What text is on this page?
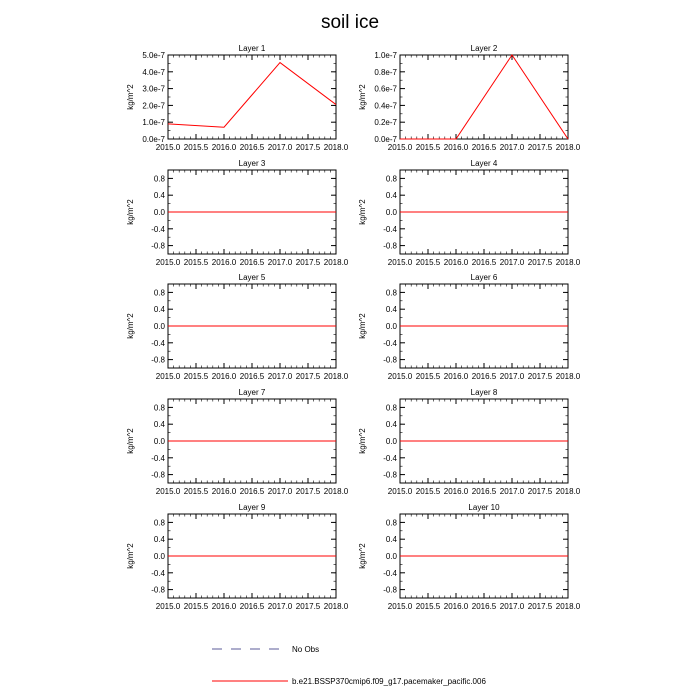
soil ice
Layer 1
kg/m^2
2015.0 2015.5 2016.0 2016.5 2017.0 2017.5 2018.0
0.0e-7
1.0e-7
2.0e-7
3.0e-7
4.0e-7
5.0e-7
Layer 2
kg/m^2
2015.0 2015.5 2016.0 2016.5 2017.0 2017.5 2018.0
0.0e-7
0.2e-7
0.4e-7
0.6e-7
0.8e-7
1.0e-7
Layer 3
kg/m^2
2015.0 2015.5 2016.0 2016.5 2017.0 2017.5 2018.0
-0.8
-0.4
0.0
0.4
0.8
Layer 4
kg/m^2
2015.0 2015.5 2016.0 2016.5 2017.0 2017.5 2018.0
-0.8
-0.4
0.0
0.4
0.8
Layer 5
kg/m^2
2015.0 2015.5 2016.0 2016.5 2017.0 2017.5 2018.0
-0.8
-0.4
0.0
0.4
0.8
Layer 6
kg/m^2
2015.0 2015.5 2016.0 2016.5 2017.0 2017.5 2018.0
-0.8
-0.4
0.0
0.4
0.8
Layer 7
kg/m^2
2015.0 2015.5 2016.0 2016.5 2017.0 2017.5 2018.0
-0.8
-0.4
0.0
0.4
0.8
Layer 8
kg/m^2
2015.0 2015.5 2016.0 2016.5 2017.0 2017.5 2018.0
-0.8
-0.4
0.0
0.4
0.8
Layer 9
kg/m^2
2015.0 2015.5 2016.0 2016.5 2017.0 2017.5 2018.0
-0.8
-0.4
0.0
0.4
0.8
Layer 10
kg/m^2
2015.0 2015.5 2016.0 2016.5 2017.0 2017.5 2018.0
-0.8
-0.4
0.0
0.4
0.8
No Obs
b.e21.BSSP370cmip6.f09_g17.pacemaker_pacific.006
